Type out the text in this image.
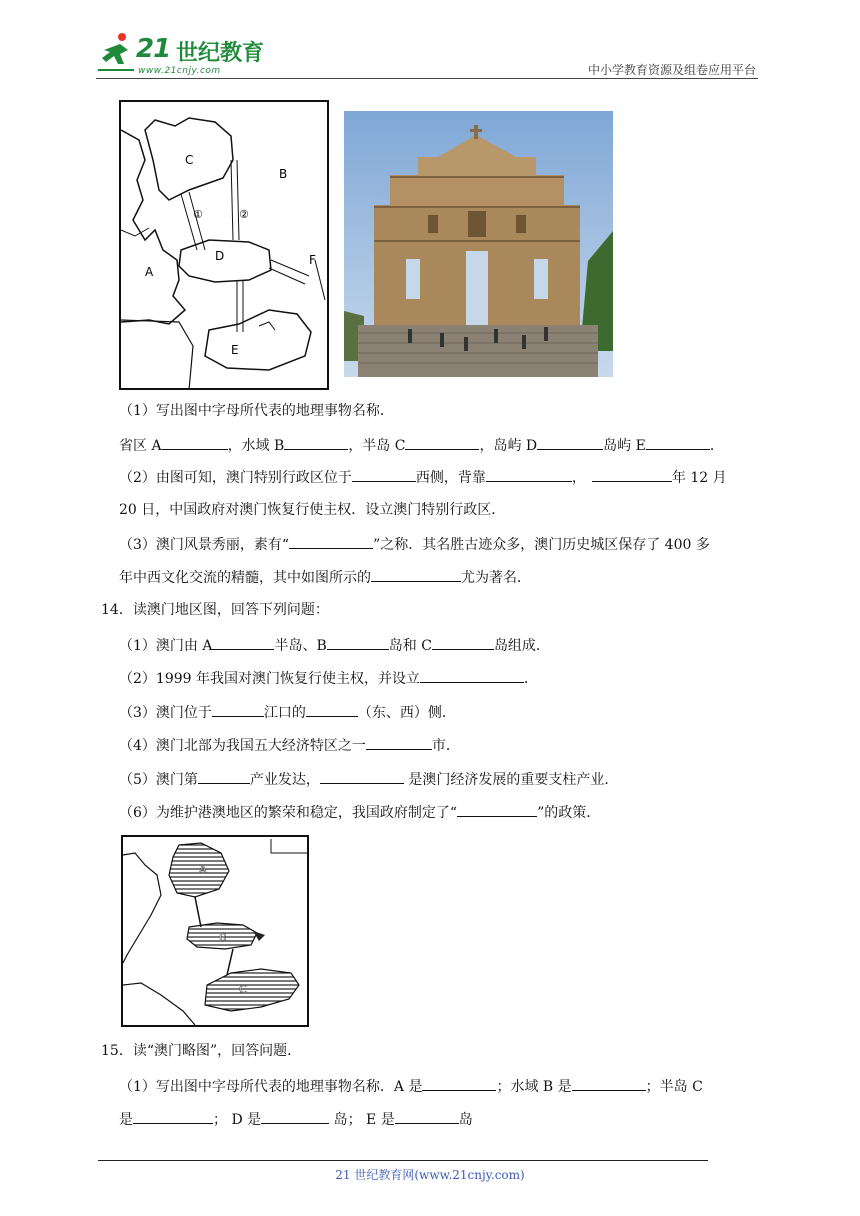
21 世纪教育
www.21cnjy.com	中小学教育资源及组卷应用平台
C
B
①	②
D
A
F
E
（1）写出图中字母所代表的地理事物名称．
省区 A	，水域 B	，半岛 C	，岛屿 D	岛屿 E	．
（2）由图可知，澳门特别行政区位于	西侧，背靠	，	年 12 月
20 日，中国政府对澳门恢复行使主权．设立澳门特别行政区．
（3）澳门风景秀丽，素有“	”之称．其名胜古迹众多，澳门历史城区保存了 400 多
年中西文化交流的精髓，其中如图所示的	尤为著名．
14．读澳门地区图，回答下列问题：
（1）澳门由 A	半岛、B	岛和 C	岛组成．
（2）1999 年我国对澳门恢复行使主权，并设立	．
（3）澳门位于	江口的	（东、西）侧．
（4）澳门北部为我国五大经济特区之一	市．
（5）澳门第	产业发达，	是澳门经济发展的重要支柱产业．
（6）为维护港澳地区的繁荣和稳定，我国政府制定了“	”的政策．
A
B
C
15．读“澳门略图”，回答问题．
（1）写出图中字母所代表的地理事物名称．A 是	；水域 B 是	；半岛 C
是	； D 是	岛； E 是	岛
21 世纪教育网(www.21cnjy.com)
